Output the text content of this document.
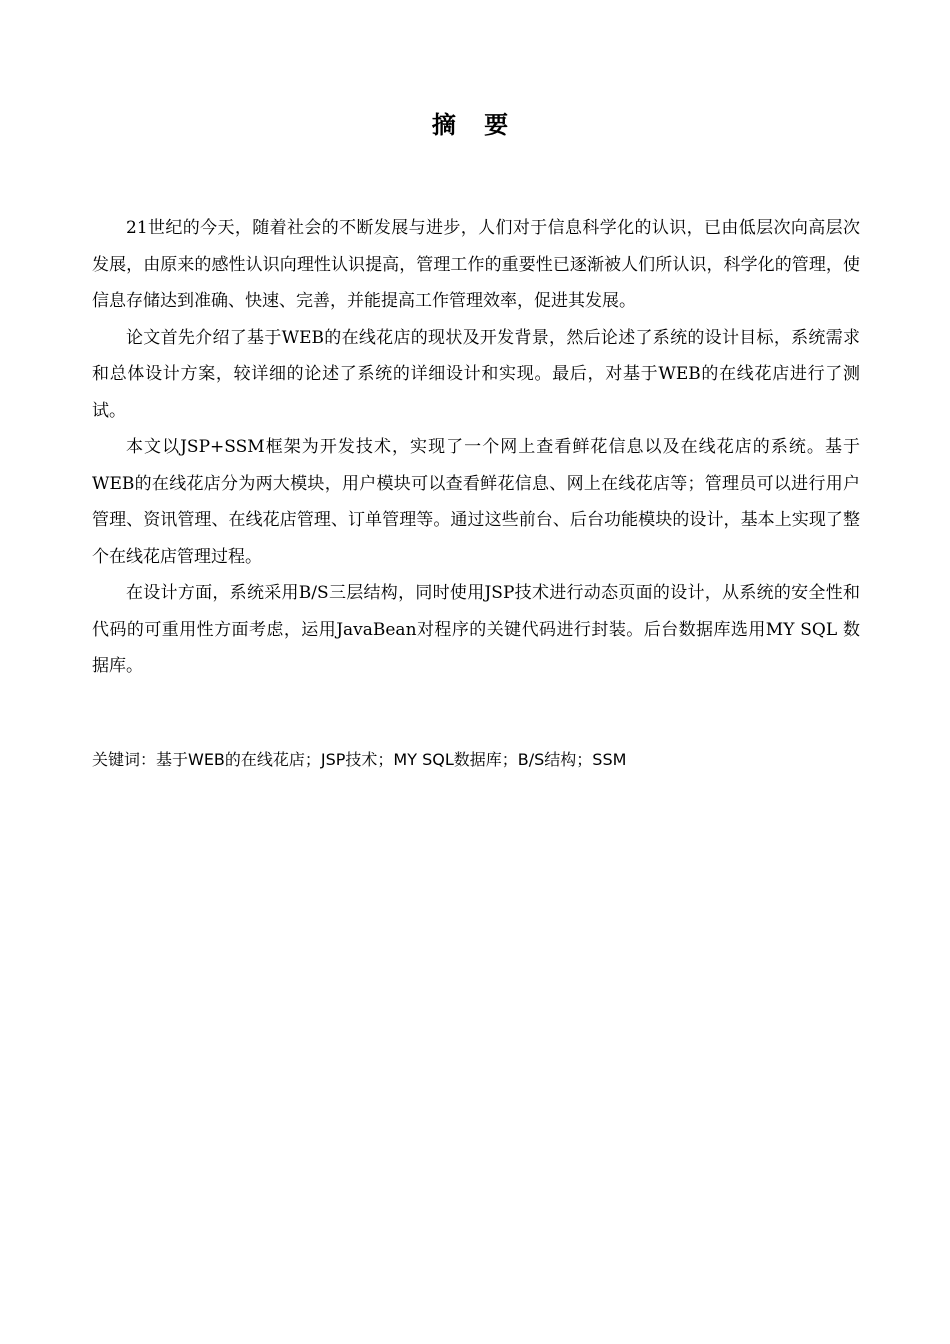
摘 要

21世纪的今天，随着社会的不断发展与进步，人们对于信息科学化的认识，已由低层次向高层次发展，由原来的感性认识向理性认识提高，管理工作的重要性已逐渐被人们所认识，科学化的管理，使信息存储达到准确、快速、完善，并能提高工作管理效率，促进其发展。

论文首先介绍了基于WEB的在线花店的现状及开发背景，然后论述了系统的设计目标，系统需求和总体设计方案，较详细的论述了系统的详细设计和实现。最后，对基于WEB的在线花店进行了测试。

本文以JSP+SSM框架为开发技术，实现了一个网上查看鲜花信息以及在线花店的系统。基于WEB的在线花店分为两大模块，用户模块可以查看鲜花信息、网上在线花店等；管理员可以进行用户管理、资讯管理、在线花店管理、订单管理等。通过这些前台、后台功能模块的设计，基本上实现了整个在线花店管理过程。

在设计方面，系统采用B/S三层结构，同时使用JSP技术进行动态页面的设计，从系统的安全性和代码的可重用性方面考虑，运用JavaBean对程序的关键代码进行封装。后台数据库选用MY SQL 数据库。

关键词：基于WEB的在线花店；JSP技术；MY SQL数据库；B/S结构；SSM
